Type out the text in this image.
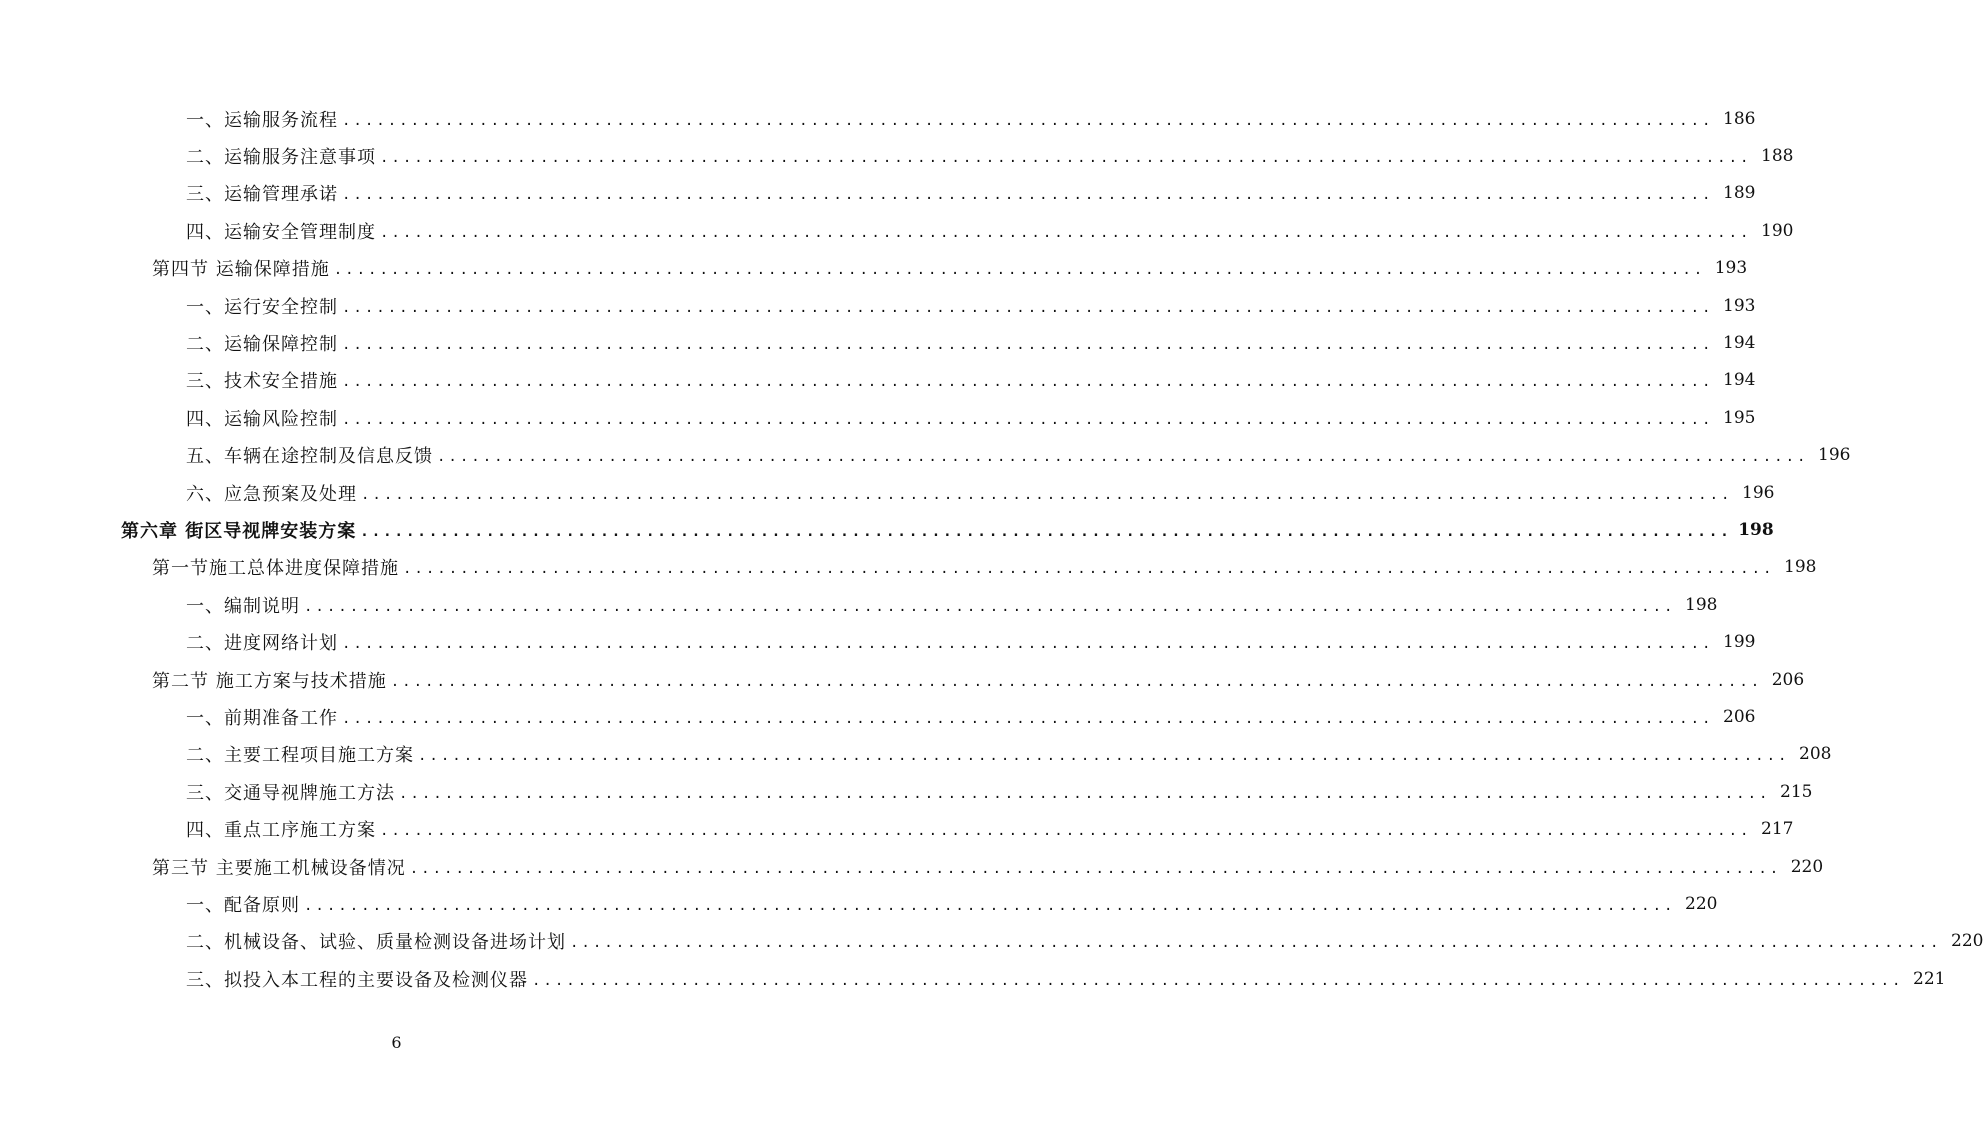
一、运输服务流程 ........................................................................................................................ 186
二、运输服务注意事项 ........................................................................................................................ 188
三、运输管理承诺 ........................................................................................................................ 189
四、运输安全管理制度 ........................................................................................................................ 190
第四节 运输保障措施 ........................................................................................................................ 193
一、运行安全控制 ........................................................................................................................ 193
二、运输保障控制 ........................................................................................................................ 194
三、技术安全措施 ........................................................................................................................ 194
四、运输风险控制 ........................................................................................................................ 195
五、车辆在途控制及信息反馈 ........................................................................................................................ 196
六、应急预案及处理 ........................................................................................................................ 196
第六章 街区导视牌安装方案 ........................................................................................................................ 198
第一节施工总体进度保障措施 ........................................................................................................................ 198
一、编制说明 ........................................................................................................................ 198
二、进度网络计划 ........................................................................................................................ 199
第二节 施工方案与技术措施 ........................................................................................................................ 206
一、前期准备工作 ........................................................................................................................ 206
二、主要工程项目施工方案 ........................................................................................................................ 208
三、交通导视牌施工方法 ........................................................................................................................ 215
四、重点工序施工方案 ........................................................................................................................ 217
第三节 主要施工机械设备情况 ........................................................................................................................ 220
一、配备原则 ........................................................................................................................ 220
二、机械设备、试验、质量检测设备进场计划 ........................................................................................................................ 220
三、拟投入本工程的主要设备及检测仪器 ........................................................................................................................ 221
6
